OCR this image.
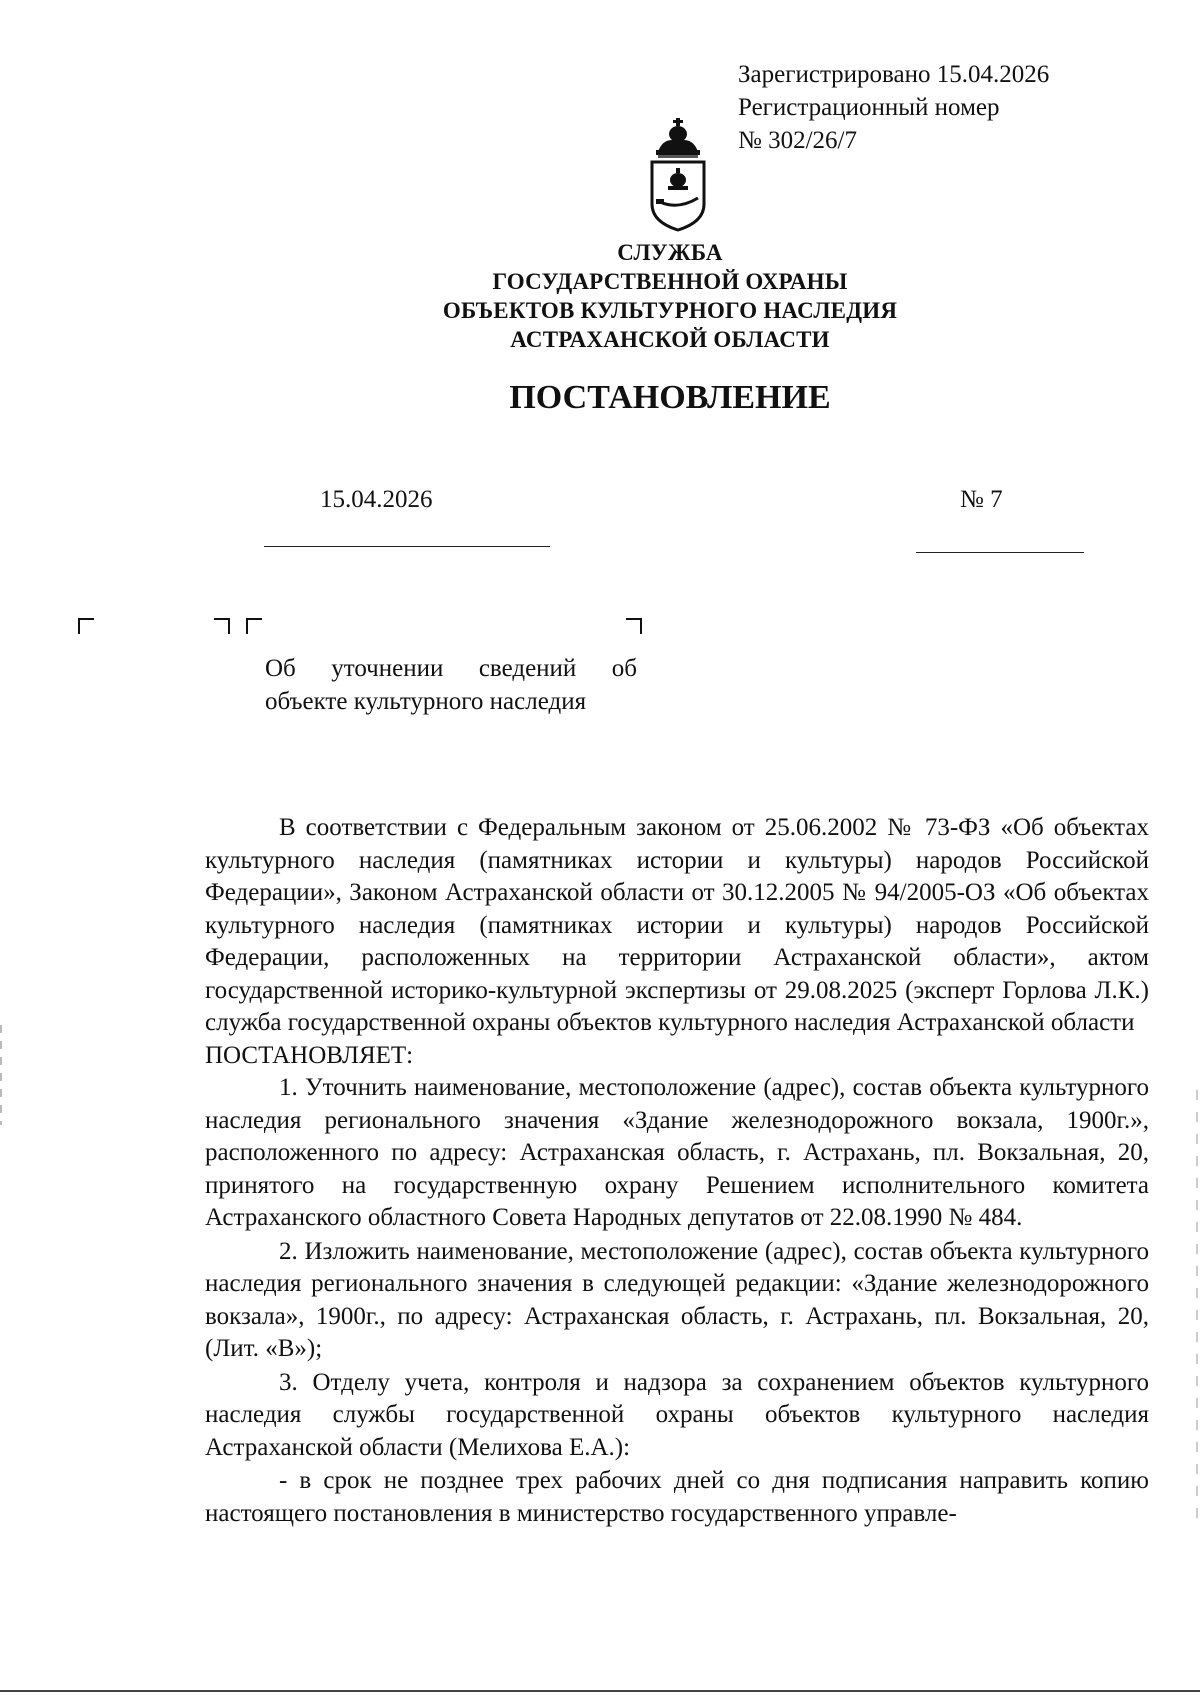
Зарегистрировано 15.04.2026
Регистрационный номер
№ 302/26/7
СЛУЖБА
ГОСУДАРСТВЕННОЙ ОХРАНЫ
ОБЪЕКТОВ КУЛЬТУРНОГО НАСЛЕДИЯ
АСТРАХАНСКОЙ ОБЛАСТИ
ПОСТАНОВЛЕНИЕ
15.04.2026	№ 7
Об уточнении сведений об
объекте культурного наследия

В соответствии с Федеральным законом от 25.06.2002 № 73-ФЗ «Об объектах культурного наследия (памятниках истории и культуры) народов Российской Федерации», Законом Астраханской области от 30.12.2005 № 94/2005-ОЗ «Об объектах культурного наследия (памятниках истории и культуры) народов Российской Федерации, расположенных на территории Астраханской области», актом государственной историко-культурной экспертизы от 29.08.2025 (эксперт Горлова Л.К.) служба государственной охраны объектов культурного наследия Астраханской области

ПОСТАНОВЛЯЕТ:

1. Уточнить наименование, местоположение (адрес), состав объекта культурного наследия регионального значения «Здание железнодорожного вокзала, 1900г.», расположенного по адресу: Астраханская область, г. Астрахань, пл. Вокзальная, 20, принятого на государственную охрану Решением исполнительного комитета Астраханского областного Совета Народных депутатов от 22.08.1990 № 484.

2. Изложить наименование, местоположение (адрес), состав объекта культурного наследия регионального значения в следующей редакции: «Здание железнодорожного вокзала», 1900г., по адресу: Астраханская область, г. Астрахань, пл. Вокзальная, 20, (Лит. «В»);

3. Отделу учета, контроля и надзора за сохранением объектов культурного наследия службы государственной охраны объектов культурного наследия Астраханской области (Мелихова Е.А.):

- в срок не позднее трех рабочих дней со дня подписания направить копию настоящего постановления в министерство государственного управле-
